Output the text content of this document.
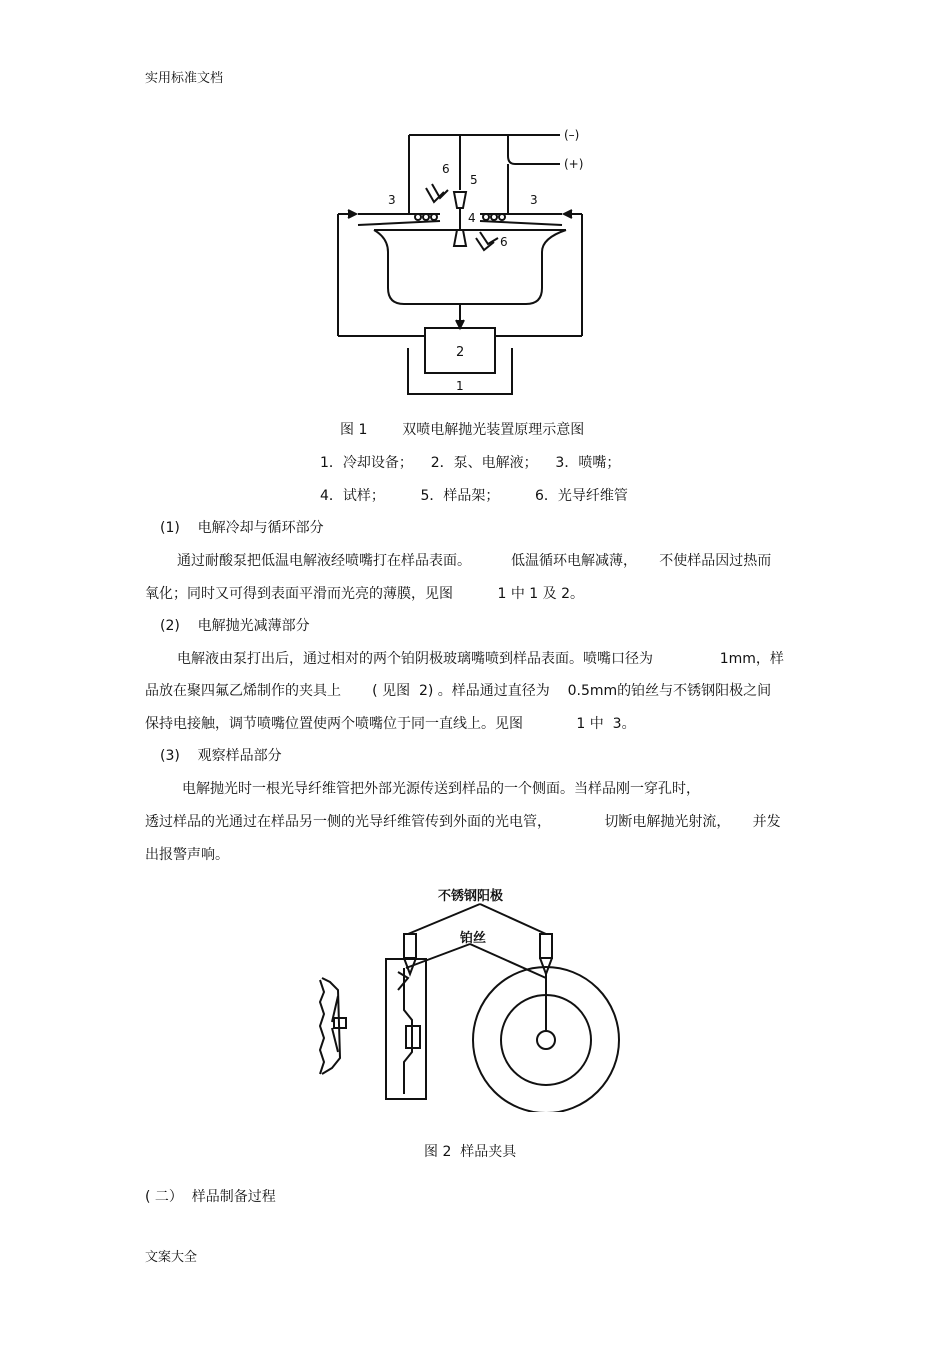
实用标准文档
(–)
(+)
6
5
3	3
4
6
2
1
图 1 双喷电解抛光装置原理示意图
1．冷却设备；    2．泵、电解液；    3．喷嘴；
4．试样；        5．样品架；        6．光导纤维管
(1)    电解冷却与循环部分
通过耐酸泵把低温电解液经喷嘴打在样品表面。         低温循环电解减薄，     不使样品因过热而
氧化；同时又可得到表面平滑而光亮的薄膜，见图          1 中 1 及 2。
(2)    电解抛光减薄部分
电解液由泵打出后，通过相对的两个铂阴极玻璃嘴喷到样品表面。喷嘴口径为               1mm，样
品放在聚四氟乙烯制作的夹具上       ( 见图  2) 。样品通过直径为    0.5mm的铂丝与不锈钢阳极之间
保持电接触，调节喷嘴位置使两个喷嘴位于同一直线上。见图            1 中  3。
(3)    观察样品部分
电解抛光时一根光导纤维管把外部光源传送到样品的一个侧面。当样品刚一穿孔时，
透过样品的光通过在样品另一侧的光导纤维管传到外面的光电管，            切断电解抛光射流，     并发
出报警声响。
不锈钢阳极
铂丝
图 2  样品夹具
( 二）  样品制备过程
文案大全
